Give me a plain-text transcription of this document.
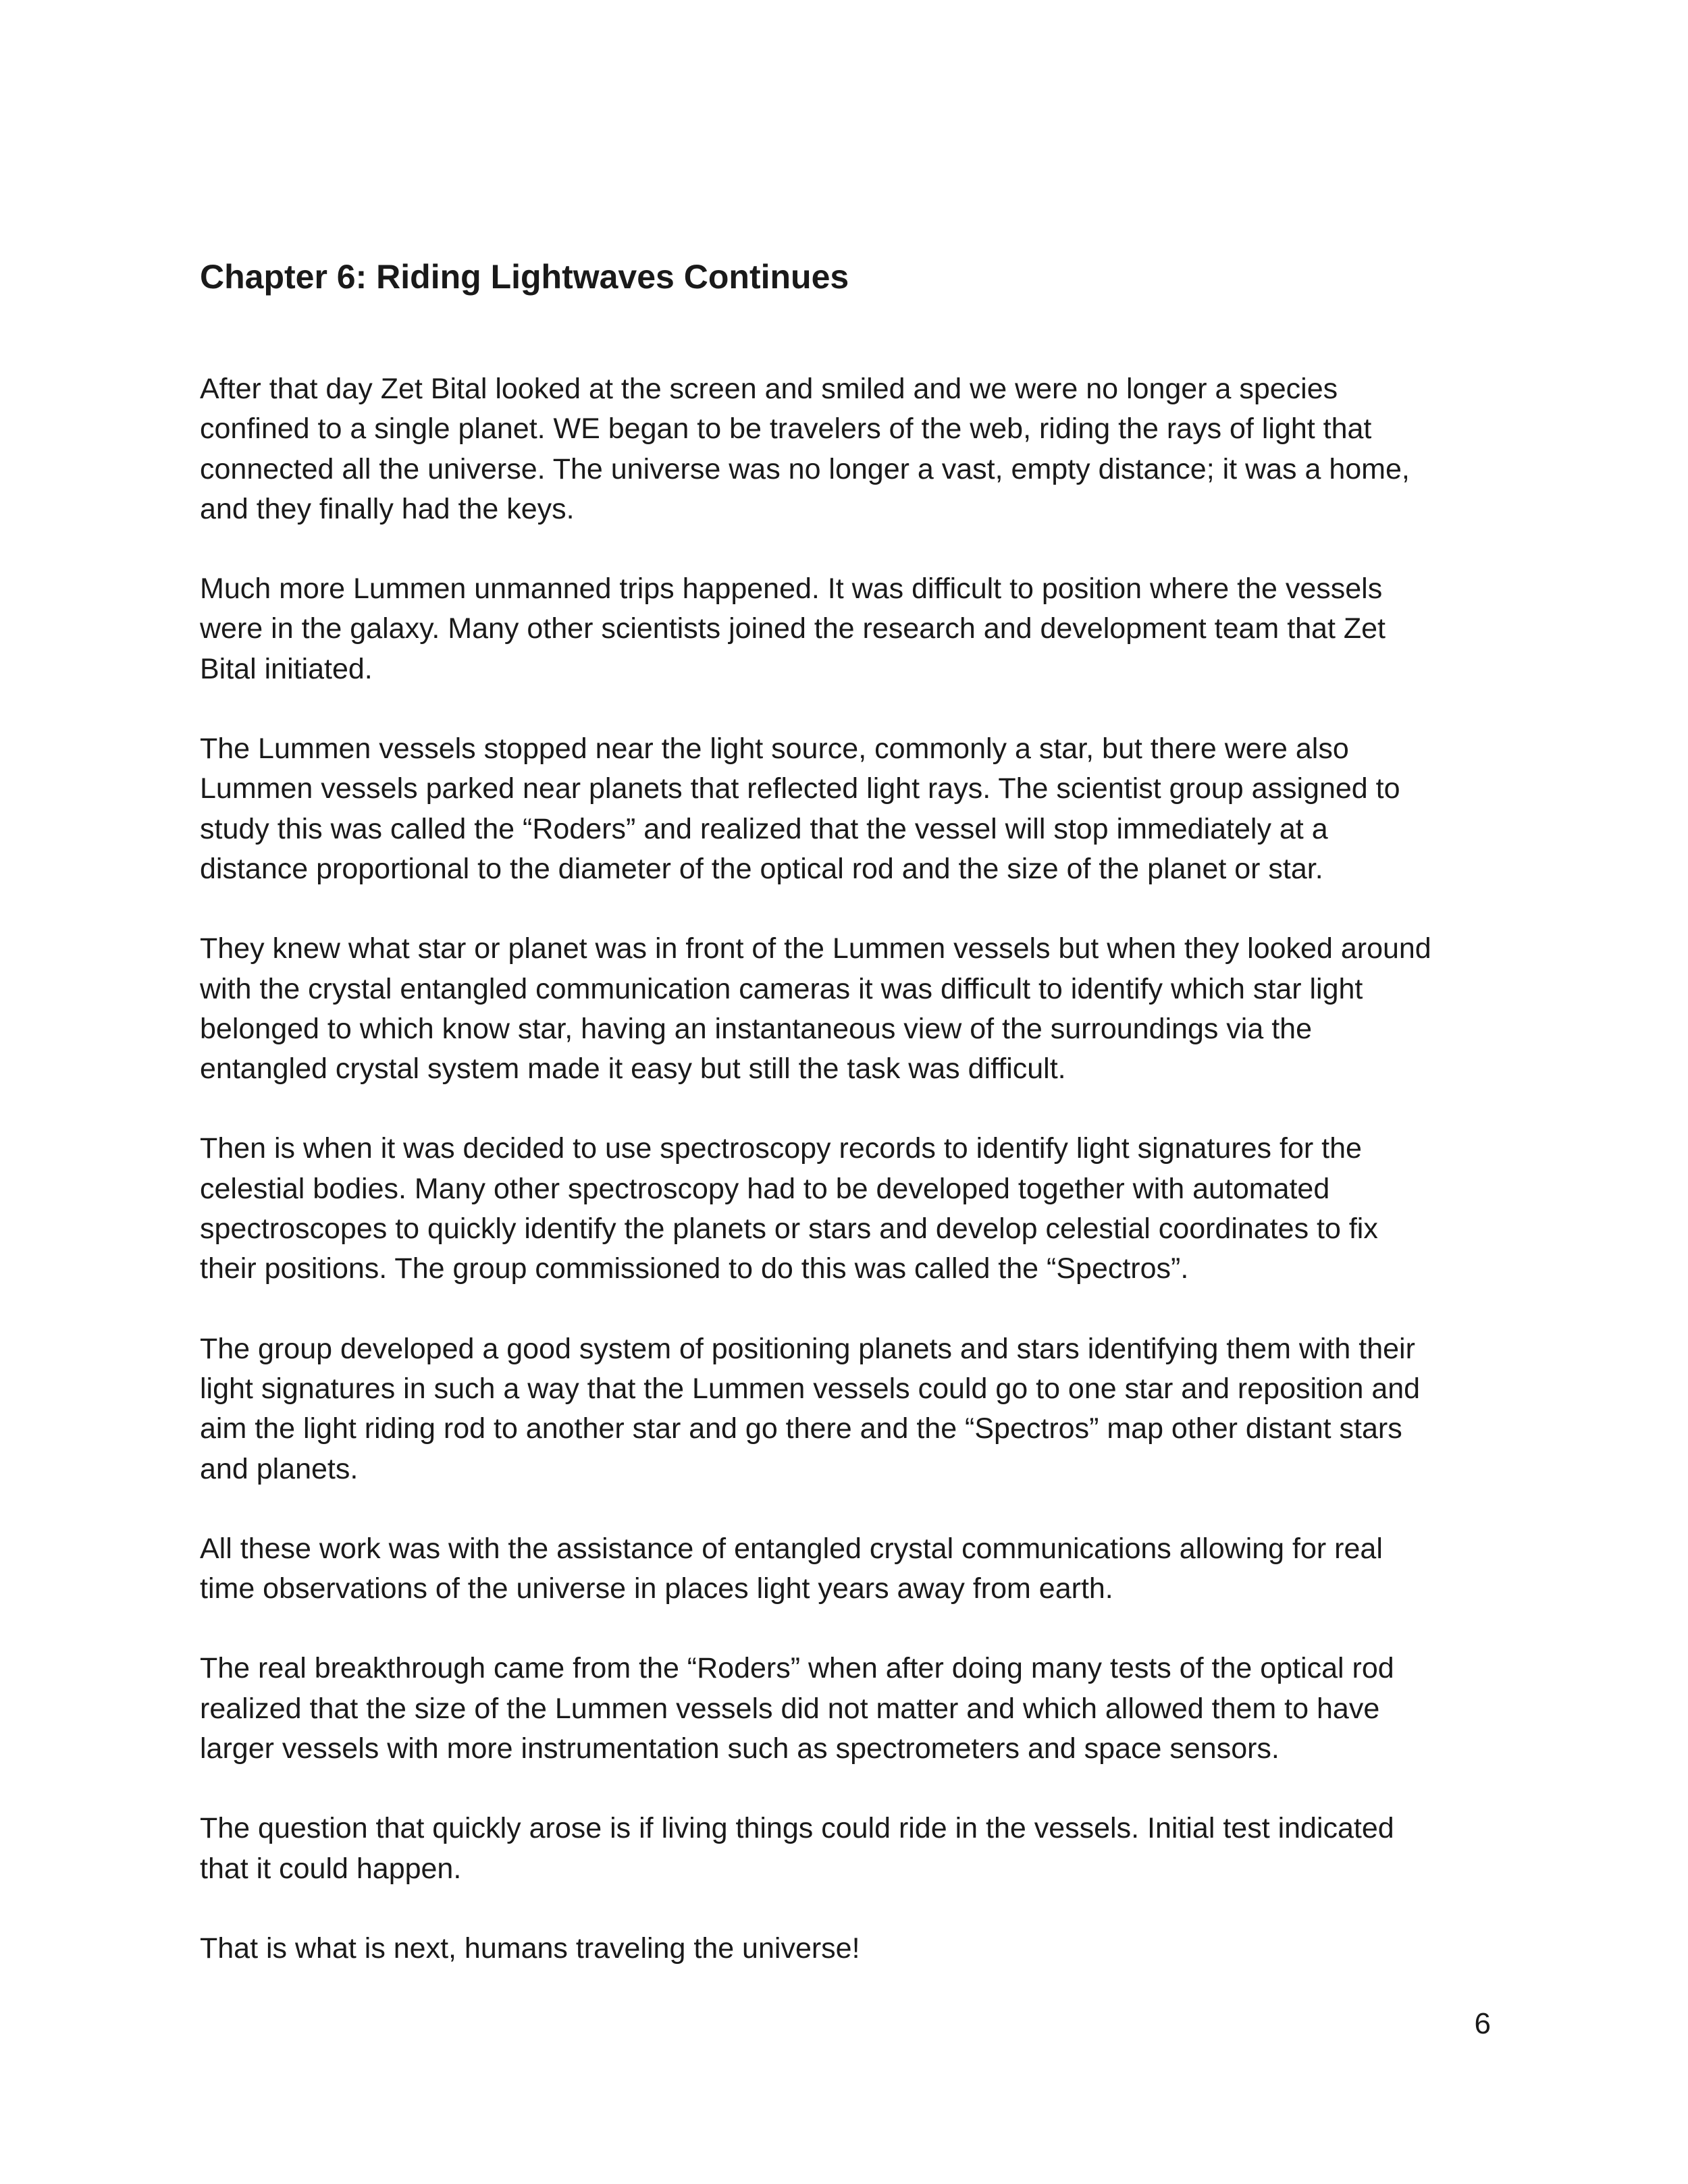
Chapter 6: Riding Lightwaves Continues

After that day Zet Bital looked at the screen and smiled and we were no longer a species
confined to a single planet. WE began to be travelers of the web, riding the rays of light that
connected all the universe. The universe was no longer a vast, empty distance; it was a home,
and they finally had the keys.

Much more Lummen unmanned trips happened. It was difficult to position where the vessels
were in the galaxy. Many other scientists joined the research and development team that Zet
Bital initiated.

The Lummen vessels stopped near the light source, commonly a star, but there were also
Lummen vessels parked near planets that reflected light rays. The scientist group assigned to
study this was called the “Roders” and realized that the vessel will stop immediately at a
distance proportional to the diameter of the optical rod and the size of the planet or star.

They knew what star or planet was in front of the Lummen vessels but when they looked around
with the crystal entangled communication cameras it was difficult to identify which star light
belonged to which know star, having an instantaneous view of the surroundings via the
entangled crystal system made it easy but still the task was difficult.

Then is when it was decided to use spectroscopy records to identify light signatures for the
celestial bodies. Many other spectroscopy had to be developed together with automated
spectroscopes to quickly identify the planets or stars and develop celestial coordinates to fix
their positions. The group commissioned to do this was called the “Spectros”.

The group developed a good system of positioning planets and stars identifying them with their
light signatures in such a way that the Lummen vessels could go to one star and reposition and
aim the light riding rod to another star and go there and the “Spectros” map other distant stars
and planets.

All these work was with the assistance of entangled crystal communications allowing for real
time observations of the universe in places light years away from earth.

The real breakthrough came from the “Roders” when after doing many tests of the optical rod
realized that the size of the Lummen vessels did not matter and which allowed them to have
larger vessels with more instrumentation such as spectrometers and space sensors.

The question that quickly arose is if living things could ride in the vessels. Initial test indicated
that it could happen.

That is what is next, humans traveling the universe!

6
